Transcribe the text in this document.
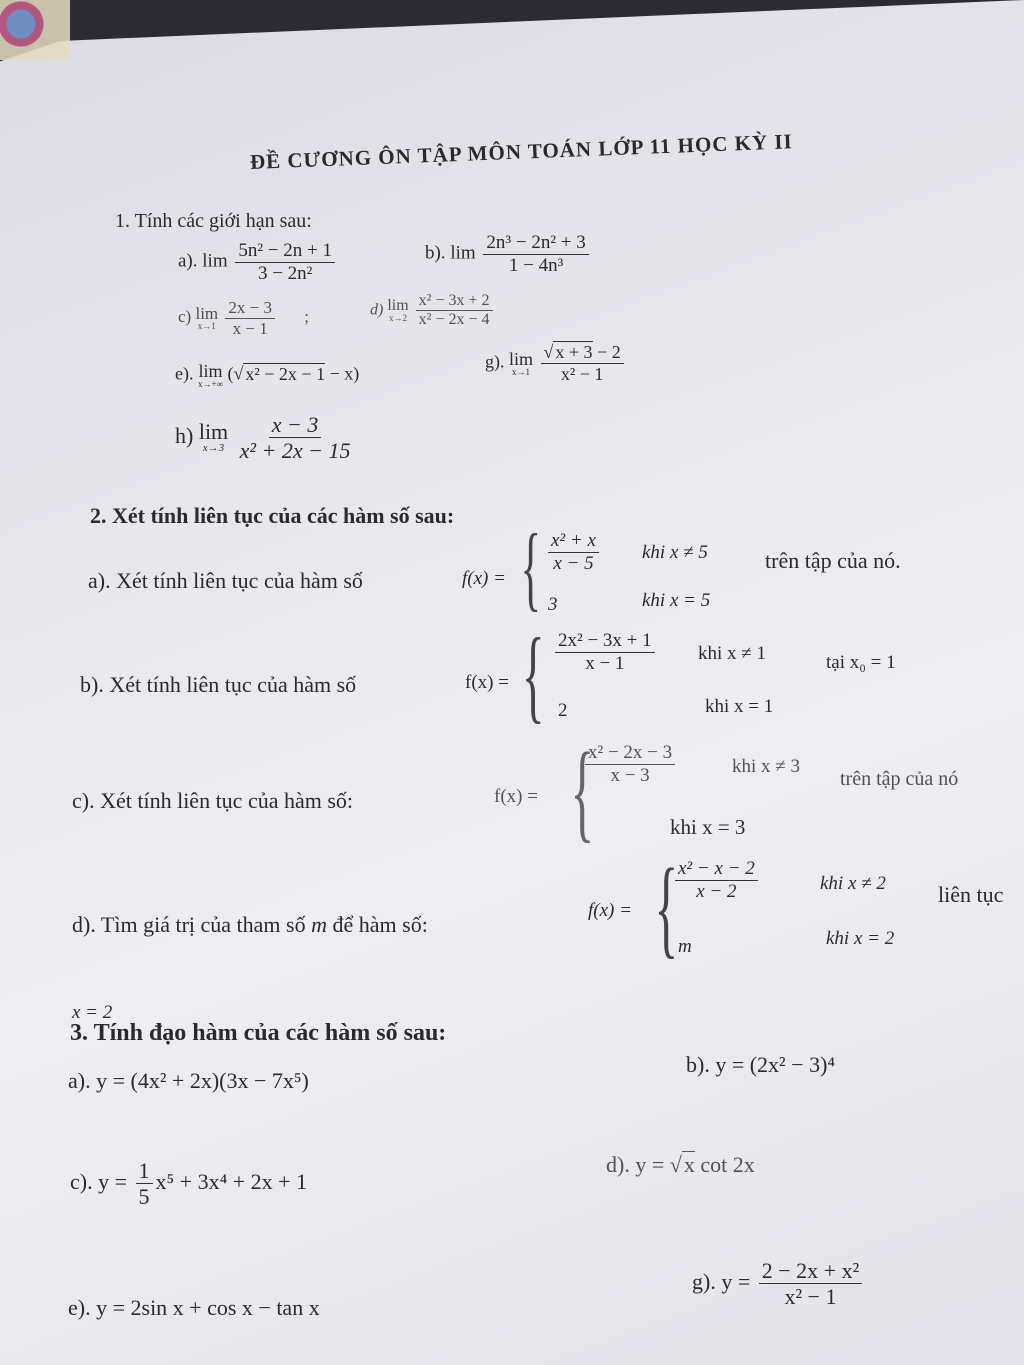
ĐỀ CƯƠNG ÔN TẬP MÔN TOÁN LỚP 11 HỌC KỲ II
1. Tính các giới hạn sau:
a). $\lim \frac{\text{5n² − 2n + 1}}{\text{3 − 2n²}}$	b). $\lim \frac{\text{2n³ − 2n² + 3}}{\text{1 − 4n³}}$
c) lim
x→1
$\frac{2x - 3}{x - 1}$ ;	d) lim
x→2
$\frac{\text{x² − 3x + 2}}{\text{x² − 2x − 4}}$
e). lim
x→+∞
(√ x² − 2x − 1 − x)
g). lim
x→1
$\frac{√ x + 3 - 2}{\text{x² − 1}}$
h) lim
x→3
$\frac{x - 3}{\text{x² + 2x − 15}}$
2. Xét tính liên tục của các hàm số sau:
a). Xét tính liên tục của hàm số	f(x) = { $\frac{\text{x² + x}}{x - 5}$ khi x ≠ 5
3	khi x = 5
trên tập của nó.
b). Xét tính liên tục của hàm số	f(x) = { $\frac{\text{2x² − 3x + 1}}{x - 1}$ khi x ≠ 1
2	khi x = 1
tại x₀ = 1
c). Xét tính liên tục của hàm số:	f(x) = {
$\frac{\text{x² − 2x − 3}}{x - 3}$	khi x ≠ 3
khi x = 3
trên tập của nó
d). Tìm giá trị của tham số m để hàm số:
f(x) = {
$\frac{\text{x² − x − 2}}{x - 2}$	khi x ≠ 2
m	khi x = 2
liên tục
x = 2
3. Tính đạo hàm của các hàm số sau:
a). y = (4x² + 2x)(3x − 7x⁵)
b). y = (2x² − 3)⁴
c). $y = \frac{1}{5} x^5 + 3x^4 + 2x + 1$
d). y = √x cot 2x
e). y = 2sin x + cos x − tan x
g). $y = \frac{\text{2 − 2x + x²}}{\text{x² − 1}}$
